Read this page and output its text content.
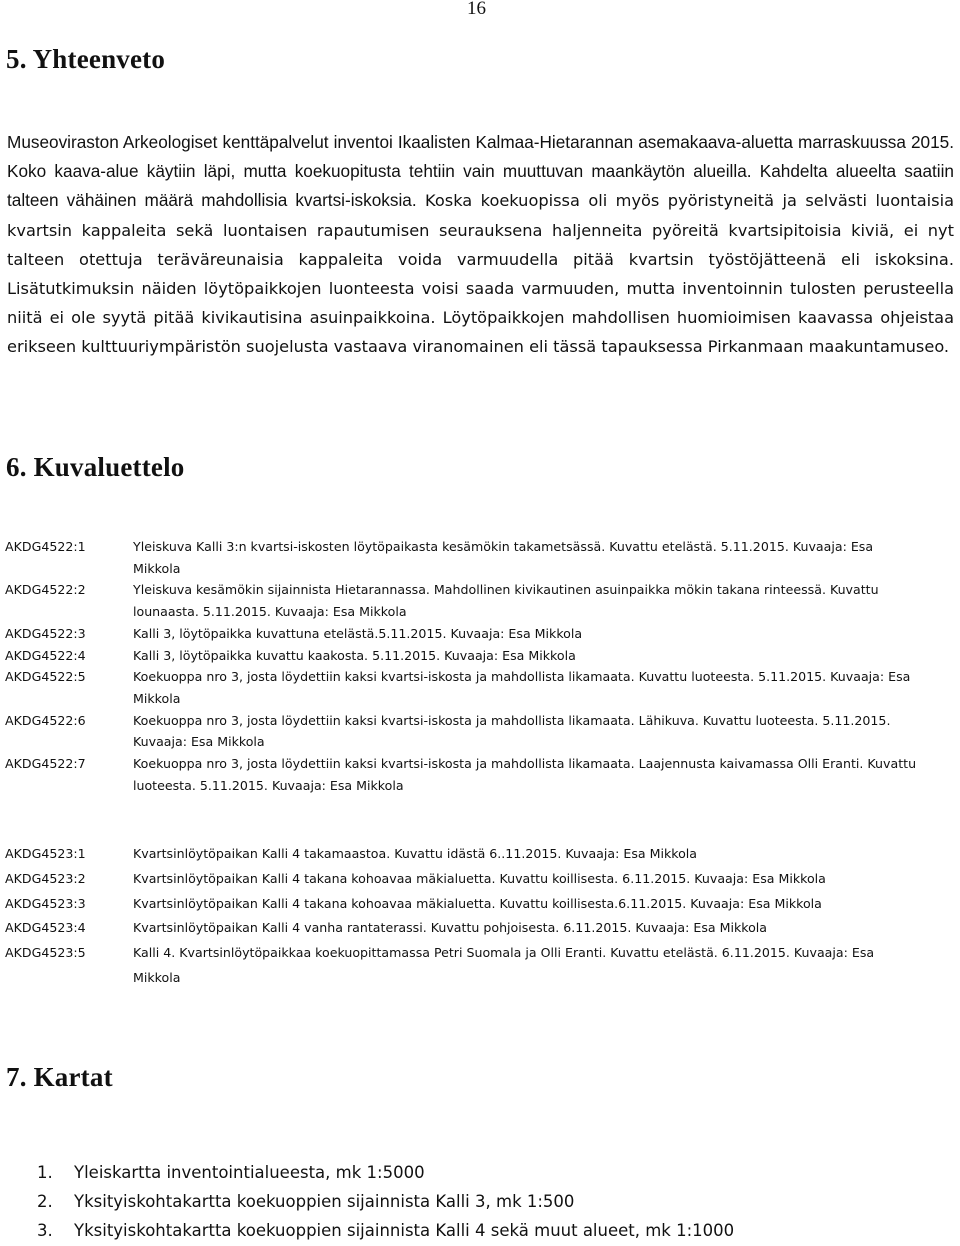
16
5. Yhteenveto

Museoviraston Arkeologiset kenttäpalvelut inventoi Ikaalisten Kalmaa-Hietarannan asemakaava-aluetta marraskuussa 2015. Koko kaava-alue käytiin läpi, mutta koekuopitusta tehtiin vain muuttuvan maankäytön alueilla. Kahdelta alueelta saatiin talteen vähäinen määrä mahdollisia kvartsi-iskoksia. Koska koekuopissa oli myös pyöristyneitä ja selvästi luontaisia kvartsin kappaleita sekä luontaisen rapautumisen seurauksena haljenneita pyöreitä kvartsipitoisia kiviä, ei nyt talteen otettuja teräväreunaisia kappaleita voida varmuudella pitää kvartsin työstöjätteenä eli iskoksina. Lisätutkimuksin näiden löytöpaikkojen luonteesta voisi saada varmuuden, mutta inventoinnin tulosten perusteella niitä ei ole syytä pitää kivikautisina asuinpaikkoina. Löytöpaikkojen mahdollisen huomioimisen kaavassa ohjeistaa erikseen kulttuuriympäristön suojelusta vastaava viranomainen eli tässä tapauksessa Pirkanmaan maakuntamuseo.

6. Kuvaluettelo
AKDG4522:1	Yleiskuva Kalli 3:n kvartsi-iskosten löytöpaikasta kesämökin takametsässä. Kuvattu etelästä. 5.11.2015. Kuvaaja: Esa Mikkola
AKDG4522:2	Yleiskuva kesämökin sijainnista Hietarannassa. Mahdollinen kivikautinen asuinpaikka mökin takana rinteessä. Kuvattu lounaasta. 5.11.2015. Kuvaaja: Esa Mikkola
AKDG4522:3	Kalli 3, löytöpaikka kuvattuna etelästä.5.11.2015. Kuvaaja: Esa Mikkola
AKDG4522:4	Kalli 3, löytöpaikka kuvattu kaakosta. 5.11.2015. Kuvaaja: Esa Mikkola
AKDG4522:5	Koekuoppa nro 3, josta löydettiin kaksi kvartsi-iskosta ja mahdollista likamaata. Kuvattu luoteesta. 5.11.2015. Kuvaaja: Esa Mikkola
AKDG4522:6	Koekuoppa nro 3, josta löydettiin kaksi kvartsi-iskosta ja mahdollista likamaata. Lähikuva. Kuvattu luoteesta. 5.11.2015. Kuvaaja: Esa Mikkola
AKDG4522:7	Koekuoppa nro 3, josta löydettiin kaksi kvartsi-iskosta ja mahdollista likamaata. Laajennusta kaivamassa Olli Eranti. Kuvattu luoteesta. 5.11.2015. Kuvaaja: Esa Mikkola
AKDG4523:1	Kvartsinlöytöpaikan Kalli 4 takamaastoa. Kuvattu idästä 6..11.2015. Kuvaaja: Esa Mikkola
AKDG4523:2	Kvartsinlöytöpaikan Kalli 4 takana kohoavaa mäkialuetta. Kuvattu koillisesta. 6.11.2015. Kuvaaja: Esa Mikkola
AKDG4523:3	Kvartsinlöytöpaikan Kalli 4 takana kohoavaa mäkialuetta. Kuvattu koillisesta.6.11.2015. Kuvaaja: Esa Mikkola
AKDG4523:4	Kvartsinlöytöpaikan Kalli 4 vanha rantaterassi. Kuvattu pohjoisesta. 6.11.2015. Kuvaaja: Esa Mikkola
AKDG4523:5	Kalli 4. Kvartsinlöytöpaikkaa koekuopittamassa Petri Suomala ja Olli Eranti. Kuvattu etelästä. 6.11.2015. Kuvaaja: Esa Mikkola
7. Kartat
1.	Yleiskartta inventointialueesta, mk 1:5000
2.	Yksityiskohtakartta koekuoppien sijainnista Kalli 3, mk 1:500
3.	Yksityiskohtakartta koekuoppien sijainnista Kalli 4 sekä muut alueet, mk 1:1000
